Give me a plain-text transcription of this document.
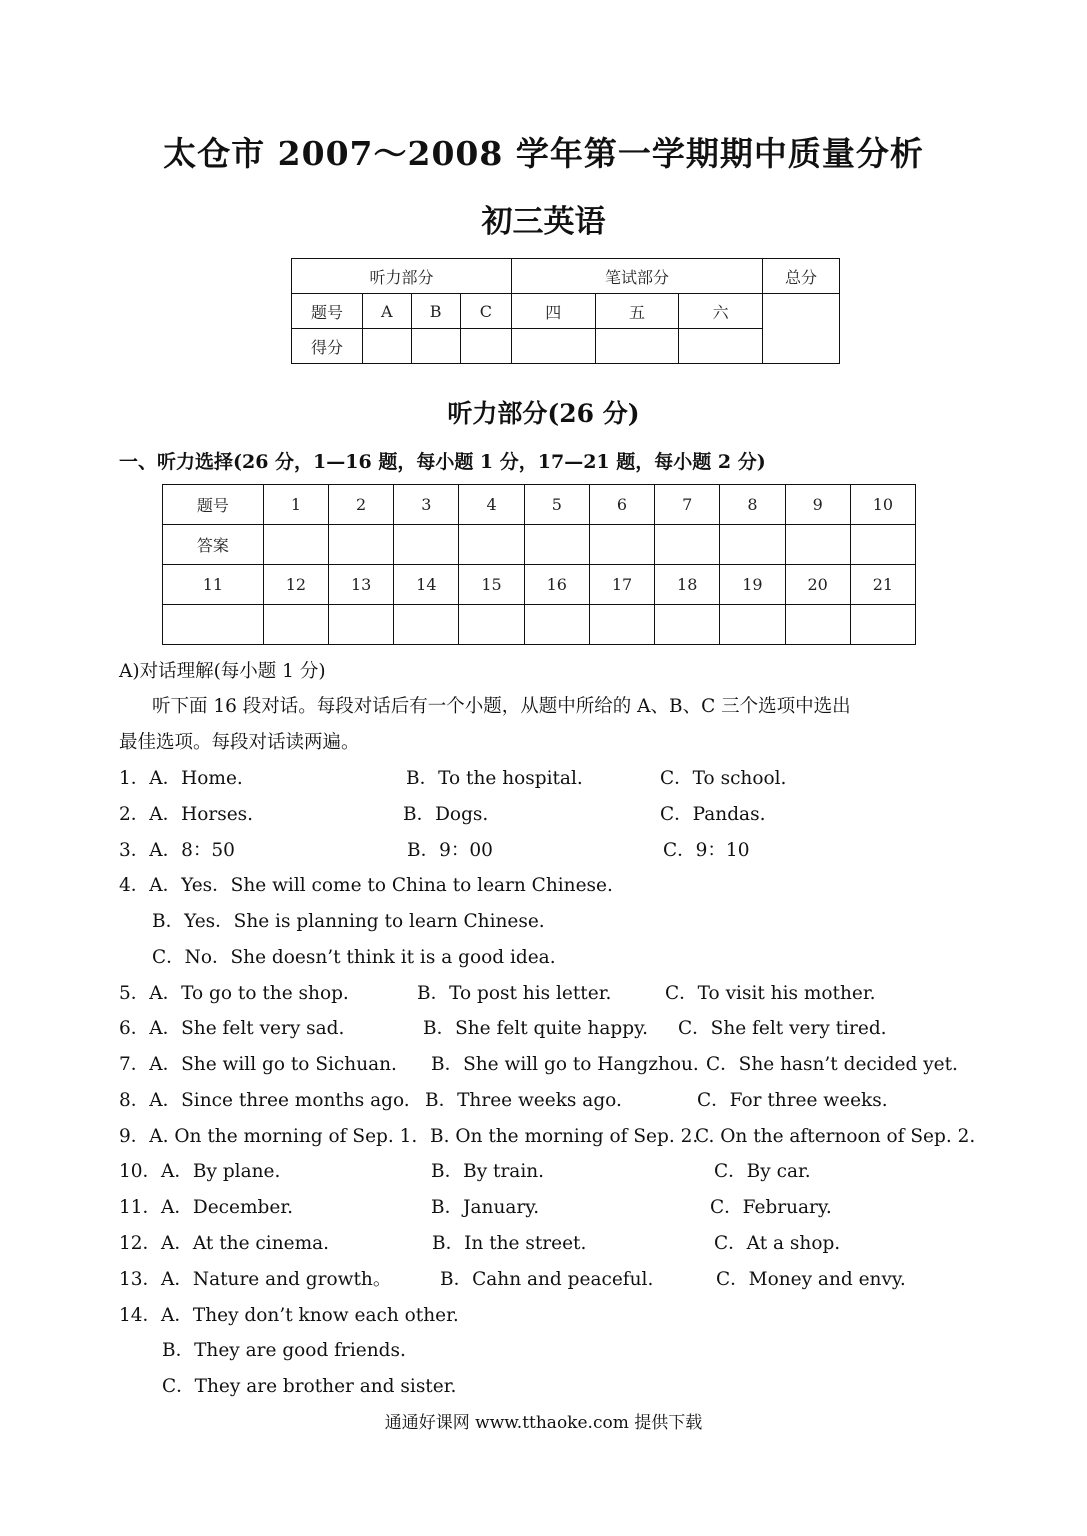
太仓市 2007～2008 学年第一学期期中质量分析
初三英语
听力部分				笔试部分			总分
题号	A	B	C	四	五	六	
得分							
听力部分(26 分)
一、听力选择(26 分，1—16 题，每小题 1 分，17—21 题，每小题 2 分)
题号	1	2	3	4	5	6	7	8	9	10
答案										
11	12	13	14	15	16	17	18	19	20	21

A)对话理解(每小题 1 分)
听下面 16 段对话。每段对话后有一个小题，从题中所给的 A、B、C 三个选项中选出
最佳选项。每段对话读两遍。
1．A．Home.	B．To the hospital.	C．To school.
2．A．Horses.	B．Dogs.	C．Pandas.
3．A．8：50	B．9：00	C．9：10
4．A．Yes．She will come to China to learn Chinese.
B．Yes．She is planning to learn Chinese.
C．No．She doesn’t think it is a good idea.
5．A．To go to the shop.	B．To post his letter.	C．To visit his mother.
6．A．She felt very sad.	B．She felt quite happy. C．She felt very tired.
7．A．She will go to Sichuan. B．She will go to Hangzhou. C．She hasn’t decided yet.
8．A．Since three months ago. B．Three weeks ago.	C．For three weeks.
9．A. On the morning of Sep. 1. B. On the morning of Sep. 2.
C. On the afternoon of Sep. 2.
10．A．By plane.	B．By train.	C．By car.
11．A．December.	B．January.	C．February.
12．A．At the cinema.	B．In the street.	C．At a shop.
13．A．Nature and growth。	B．Cahn and peaceful.	C．Money and envy.
14．A．They don’t know each other.
B．They are good friends.
C．They are brother and sister.
通通好课网 www.tthaoke.com 提供下载
